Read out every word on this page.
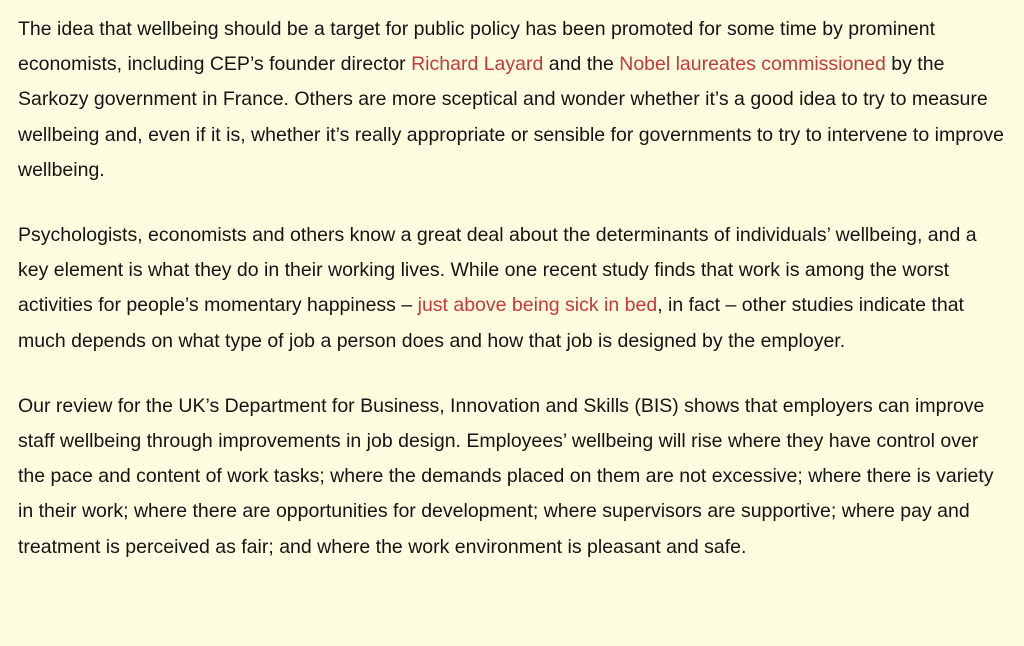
The idea that wellbeing should be a target for public policy has been promoted for some time by prominent economists, including CEP’s founder director Richard Layard and the Nobel laureates commissioned by the Sarkozy government in France. Others are more sceptical and wonder whether it’s a good idea to try to measure wellbeing and, even if it is, whether it’s really appropriate or sensible for governments to try to intervene to improve wellbeing.

Psychologists, economists and others know a great deal about the determinants of individuals’ wellbeing, and a key element is what they do in their working lives. While one recent study finds that work is among the worst activities for people’s momentary happiness – just above being sick in bed, in fact – other studies indicate that much depends on what type of job a person does and how that job is designed by the employer.

Our review for the UK’s Department for Business, Innovation and Skills (BIS) shows that employers can improve staff wellbeing through improvements in job design. Employees’ wellbeing will rise where they have control over the pace and content of work tasks; where the demands placed on them are not excessive; where there is variety in their work; where there are opportunities for development; where supervisors are supportive; where pay and treatment is perceived as fair; and where the work environment is pleasant and safe.
